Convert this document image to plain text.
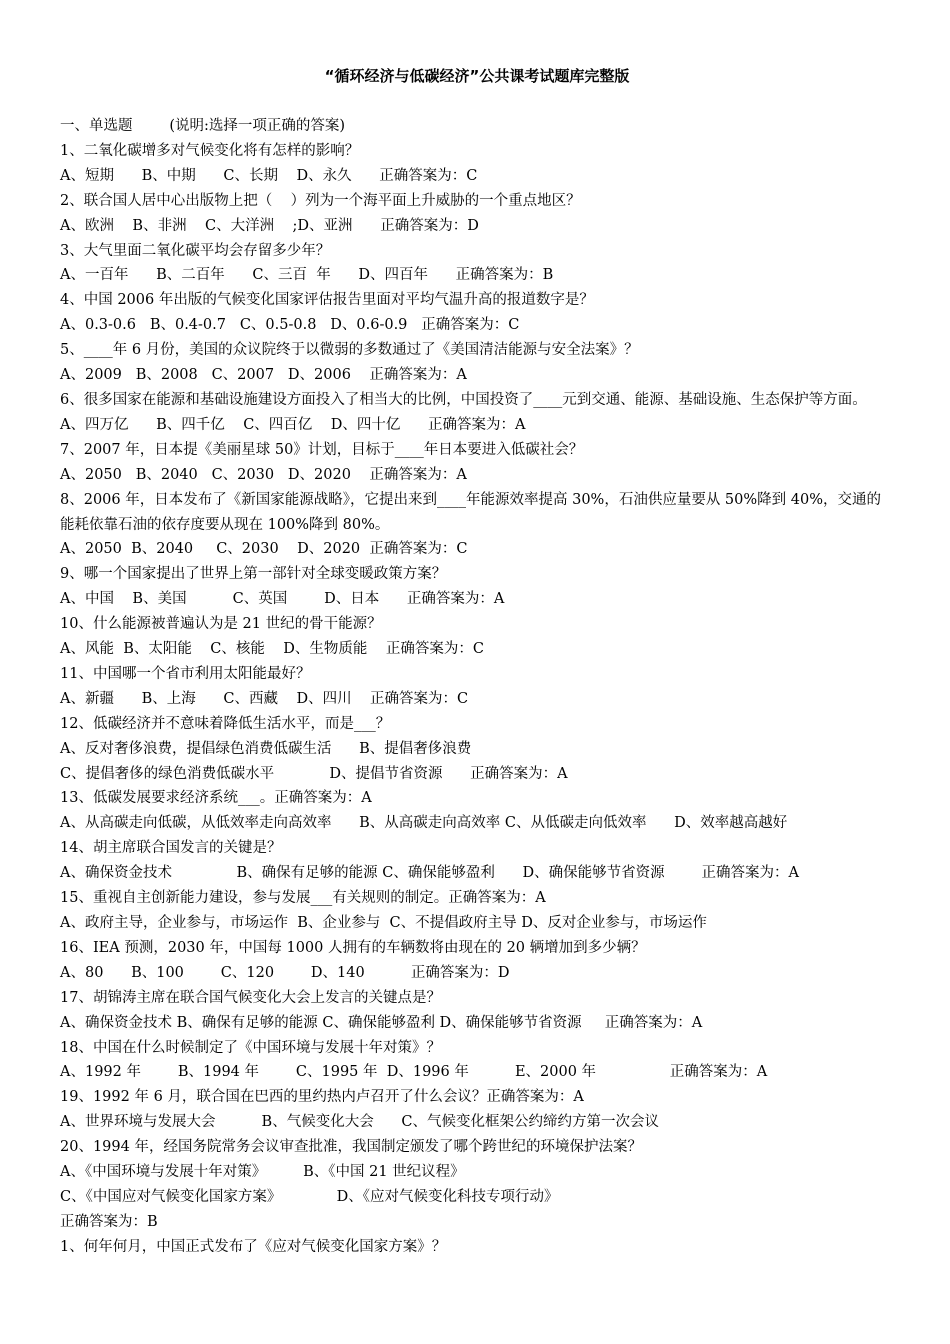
“循环经济与低碳经济”公共课考试题库完整版
一、单选题        (说明:选择一项正确的答案)
1、二氧化碳增多对气候变化将有怎样的影响？
A、短期      B、中期      C、长期    D、永久      正确答案为：C
2、联合国人居中心出版物上把（    ）列为一个海平面上升威胁的一个重点地区？
A、欧洲    B、非洲    C、大洋洲    ;D、亚洲      正确答案为：D
3、大气里面二氧化碳平均会存留多少年？
A、一百年      B、二百年      C、三百  年      D、四百年      正确答案为：B
4、中国 2006 年出版的气候变化国家评估报告里面对平均气温升高的报道数字是？
A、0.3-0.6   B、0.4-0.7   C、0.5-0.8   D、0.6-0.9   正确答案为：C
5、____年 6 月份，美国的众议院终于以微弱的多数通过了《美国清洁能源与安全法案》？
A、2009   B、2008   C、2007   D、2006    正确答案为：A
6、很多国家在能源和基础设施建设方面投入了相当大的比例，中国投资了____元到交通、能源、基础设施、生态保护等方面。
A、四万亿      B、四千亿    C、四百亿    D、四十亿      正确答案为：A
7、2007 年，日本提《美丽星球 50》计划，目标于____年日本要进入低碳社会？
A、2050   B、2040   C、2030   D、2020    正确答案为：A
8、2006 年，日本发布了《新国家能源战略》，它提出来到____年能源效率提高 30%，石油供应量要从 50%降到 40%，交通的能耗依靠石油的依存度要从现在 100%降到 80%。
A、2050  B、2040     C、2030    D、2020  正确答案为：C
9、哪一个国家提出了世界上第一部针对全球变暖政策方案？
A、中国    B、美国          C、英国        D、日本      正确答案为：A
10、什么能源被普遍认为是 21 世纪的骨干能源？
A、风能  B、太阳能    C、核能    D、生物质能    正确答案为：C
11、中国哪一个省市利用太阳能最好？
A、新疆      B、上海      C、西藏    D、四川    正确答案为：C
12、低碳经济并不意味着降低生活水平，而是___？
A、反对奢侈浪费，提倡绿色消费低碳生活      B、提倡奢侈浪费
C、提倡奢侈的绿色消费低碳水平            D、提倡节省资源      正确答案为：A
13、低碳发展要求经济系统___。正确答案为：A
A、从高碳走向低碳，从低效率走向高效率      B、从高碳走向高效率 C、从低碳走向低效率      D、效率越高越好
14、胡主席联合国发言的关键是？
A、确保资金技术              B、确保有足够的能源 C、确保能够盈利      D、确保能够节省资源        正确答案为：A
15、重视自主创新能力建设，参与发展___有关规则的制定。正确答案为：A
A、政府主导，企业参与，市场运作  B、企业参与  C、不提倡政府主导 D、反对企业参与，市场运作
16、IEA 预测，2030 年，中国每 1000 人拥有的车辆数将由现在的 20 辆增加到多少辆？
A、80      B、100        C、120        D、140          正确答案为：D
17、胡锦涛主席在联合国气候变化大会上发言的关键点是？
A、确保资金技术 B、确保有足够的能源 C、确保能够盈利 D、确保能够节省资源     正确答案为：A
18、中国在什么时候制定了《中国环境与发展十年对策》？
A、1992 年        B、1994 年        C、1995 年  D、1996 年          E、2000 年                正确答案为：A
19、1992 年 6 月，联合国在巴西的里约热内卢召开了什么会议？正确答案为：A
A、世界环境与发展大会          B、气候变化大会      C、气候变化框架公约缔约方第一次会议
20、1994 年，经国务院常务会议审查批准，我国制定颁发了哪个跨世纪的环境保护法案？
A、《中国环境与发展十年对策》        B、《中国 21 世纪议程》
C、《中国应对气候变化国家方案》            D、《应对气候变化科技专项行动》
正确答案为：B
1、何年何月，中国正式发布了《应对气候变化国家方案》？
